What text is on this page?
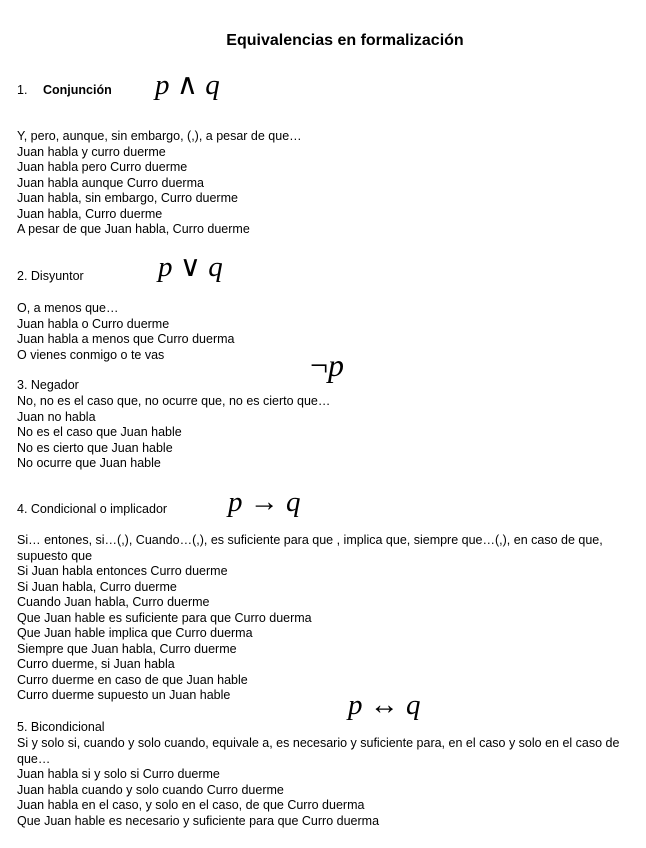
Equivalencias en formalización
1. Conjunción p ∧ q
Y, pero, aunque, sin embargo, (,), a pesar de que…
Juan habla y curro duerme
Juan habla pero Curro duerme
Juan habla aunque Curro duerma
Juan habla, sin embargo, Curro duerme
Juan habla, Curro duerme
A pesar de que Juan habla, Curro duerme
2. Disyuntor	p ∨ q
O, a menos que…
Juan habla o Curro duerme
Juan habla a menos que Curro duerma
O vienes conmigo o te vas	¬p
3. Negador
No, no es el caso que, no ocurre que, no es cierto que…
Juan no habla
No es el caso que Juan hable
No es cierto que Juan hable
No ocurre que Juan hable
4. Condicional o implicador p → q
Si… entones, si…(,), Cuando…(,), es suficiente para que , implica que, siempre que…(,), en caso de que, supuesto que
Si Juan habla entonces Curro duerme
Si Juan habla, Curro duerme
Cuando Juan habla, Curro duerme
Que Juan hable es suficiente para que Curro duerma
Que Juan hable implica que Curro duerma
Siempre que Juan habla, Curro duerme
Curro duerme, si Juan habla
Curro duerme en caso de que Juan hable
Curro duerme supuesto un Juan hable	p ↔ q
5. Bicondicional
Si y solo si, cuando y solo cuando, equivale a, es necesario y suficiente para, en el caso y solo en el caso de que…
Juan habla si y solo si Curro duerme
Juan habla cuando y solo cuando Curro duerme
Juan habla en el caso, y solo en el caso, de que Curro duerma
Que Juan hable es necesario y suficiente para que Curro duerma
